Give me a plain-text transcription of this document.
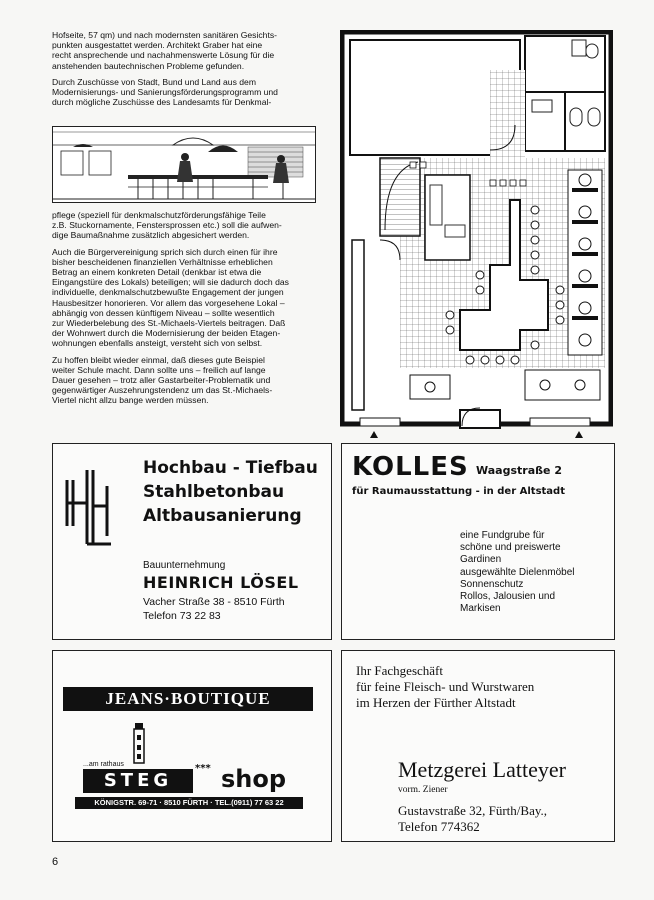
Hofseite, 57 qm) und nach modernsten sanitären Gesichts-
punkten ausgestattet werden. Architekt Graber hat eine
recht ansprechende und nachahmenswerte Lösung für die
anstehenden bautechnischen Probleme gefunden.

Durch Zuschüsse von Stadt, Bund und Land aus dem
Modernisierungs- und Sanierungsförderungsprogramm und
durch mögliche Zuschüsse des Landesamts für Denkmal-

pflege (speziell für denkmalschutzförderungsfähige Teile
z.B. Stuckornamente, Fenstersprossen etc.) soll die aufwen-
dige Baumaßnahme zusätzlich abgesichert werden.

Auch die Bürgervereinigung sprich sich durch einen für ihre
bisher bescheidenen finanziellen Verhältnisse erheblichen
Betrag an einem konkreten Detail (denkbar ist etwa die
Eingangstüre des Lokals) beteiligen; will sie dadurch doch das
individuelle, denkmalschutzbewußte Engagement der jungen
Hausbesitzer honorieren. Vor allem das vorgesehene Lokal –
abhängig von dessen künftigem Niveau – sollte wesentlich
zur Wiederbelebung des St.-Michaels-Viertels beitragen. Daß
der Wohnwert durch die Modernisierung der beiden Etagen-
wohnungen ebenfalls ansteigt, versteht sich von selbst.

Zu hoffen bleibt wieder einmal, daß dieses gute Beispiel
weiter Schule macht. Dann sollte uns – freilich auf lange
Dauer gesehen – trotz aller Gastarbeiter-Problematik und
gegenwärtiger Auszehrungstendenz um das St.-Michaels-
Viertel nicht allzu bange werden müssen.

Hochbau - Tiefbau
Stahlbetonbau
Altbausanierung
Bauunternehmung
HEINRICH LÖSEL
Vacher Straße 38 - 8510 Fürth
Telefon 73 22 83
KOLLES Waagstraße 2
für Raumausstattung - in der Altstadt
eine Fundgrube für
schöne und preiswerte
Gardinen
ausgewählte Dielenmöbel
Sonnenschutz
Rollos, Jalousien und
Markisen
JEANS·BOUTIQUE
...am rathaus
STEG
*** shop
KÖNIGSTR. 69-71 · 8510 FÜRTH · TEL.(0911) 77 63 22
Ihr Fachgeschäft
für feine Fleisch- und Wurstwaren
im Herzen der Fürther Altstadt
Metzgerei Latteyer
vorm. Ziener
Gustavstraße 32, Fürth/Bay.,
Telefon 774362
6
